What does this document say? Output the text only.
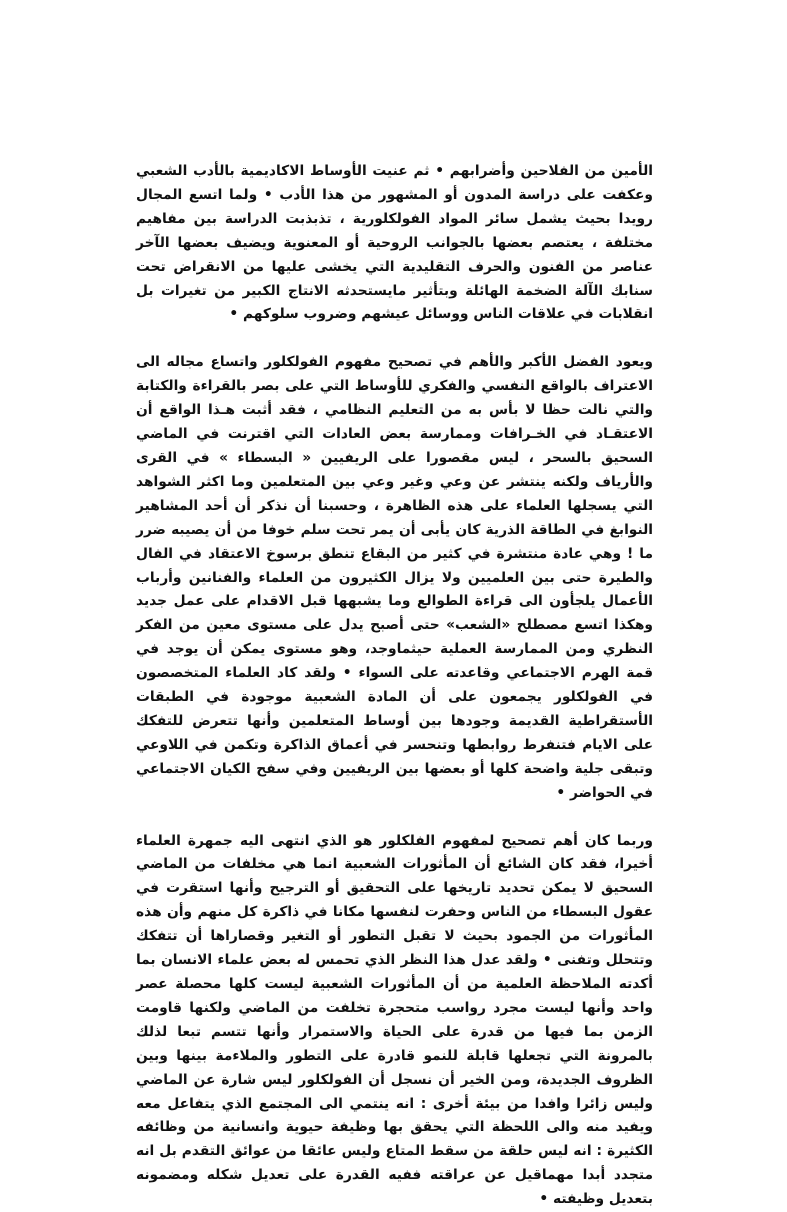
الأمين من الفلاحين وأضرابهم • ثم عنيت الأوساط الاكاديمية بالأدب الشعبي وعكفت على دراسة المدون أو المشهور من هذا الأدب • ولما اتسع المجال رويدا بحيث يشمل سائر المواد الفولكلورية ، تذبذبت الدراسة بين مفاهيم مختلفة ، يعتصم بعضها بالجوانب الروحية أو المعنوية ويضيف بعضها الآخر عناصر من الفنون والحرف التقليدية التي يخشى عليها من الانقراض تحت سنابك الآلة الضخمة الهائلة وبتأثير مايستحدثه الانتاج الكبير من تغيرات بل انقلابات في علاقات الناس ووسائل عيشهم وضروب سلوكهم •

ويعود الفضل الأكبر والأهم في تصحيح مفهوم الفولكلور واتساع مجاله الى الاعتراف بالواقع النفسي والفكري للأوساط التي على بصر بالقراءة والكتابة والتي نالت حظا لا بأس به من التعليم النظامي ، فقد أثبت هـذا الواقع أن الاعتقـاد في الخـرافات وممارسة بعض العادات التي اقترنت في الماضي السحيق بالسحر ، ليس مقصورا على الريفيين « البسطاء » في القرى والأرياف ولكنه ينتشر عن وعي وغير وعي بين المتعلمين وما اكثر الشواهد التي يسجلها العلماء على هذه الظاهرة ، وحسبنا أن نذكر أن أحد المشاهير النوابغ في الطاقة الذرية كان يأبى أن يمر تحت سلم خوفا من أن يصيبه ضرر ما ! وهي عادة منتشرة في كثير من البقاع تنطق برسوخ الاعتقاد في الفال والطيرة حتى بين العلميين ولا يزال الكثيرون من العلماء والفنانين وأرباب الأعمال يلجأون الى قراءة الطوالع وما يشبهها قبل الاقدام على عمل جديد وهكذا اتسع مصطلح «الشعب» حتى أصبح يدل على مستوى معين من الفكر النظري ومن الممارسة العملية حيثماوجد، وهو مستوى يمكن أن يوجد في قمة الهرم الاجتماعي وقاعدته على السواء • ولقد كاد العلماء المتخصصون في الفولكلور يجمعون على أن المادة الشعبية موجودة في الطبقات الأستقراطية القديمة وجودها بين أوساط المتعلمين وأنها تتعرض للتفكك على الايام فتنفرط روابطها وتنحسر في أعماق الذاكرة وتكمن في اللاوعي وتبقى جلية واضحة كلها أو بعضها بين الريفيين وفي سفح الكيان الاجتماعي في الحواضر •

وربما كان أهم تصحيح لمفهوم الفلكلور هو الذي انتهى اليه جمهرة العلماء أخيرا، فقد كان الشائع أن المأثورات الشعبية انما هي مخلفات من الماضي السحيق لا يمكن تحديد تاريخها على التحقيق أو الترجيح وأنها استقرت في عقول البسطاء من الناس وحفرت لنفسها مكانا في ذاكرة كل منهم وأن هذه المأثورات من الجمود بحيث لا تقبل التطور أو التغير وقصاراها أن تتفكك وتتحلل وتفنى • ولقد عدل هذا النظر الذي تحمس له بعض علماء الانسان بما أكدته الملاحظة العلمية من أن المأثورات الشعبية ليست كلها محصلة عصر واحد وأنها ليست مجرد رواسب متحجرة تخلفت من الماضي ولكنها قاومت الزمن بما فيها من قدرة على الحياة والاستمرار وأنها تتسم تبعا لذلك بالمرونة التي تجعلها قابلة للنمو قادرة على التطور والملاءمة بينها وبين الظروف الجديدة، ومن الخير أن نسجل أن الفولكلور ليس شارة عن الماضي وليس زائرا وافدا من بيئة أخرى : انه ينتمي الى المجتمع الذي يتفاعل معه ويفيد منه والى اللحظة التي يحقق بها وظيفة حيوية وانسانية من وظائفه الكثيرة : انه ليس حلقة من سقط المتاع وليس عائقا من عوائق التقدم بل انه متجدد أبدا مهماقيل عن عراقته ففيه القدرة على تعديل شكله ومضمونه بتعديل وظيفته •
